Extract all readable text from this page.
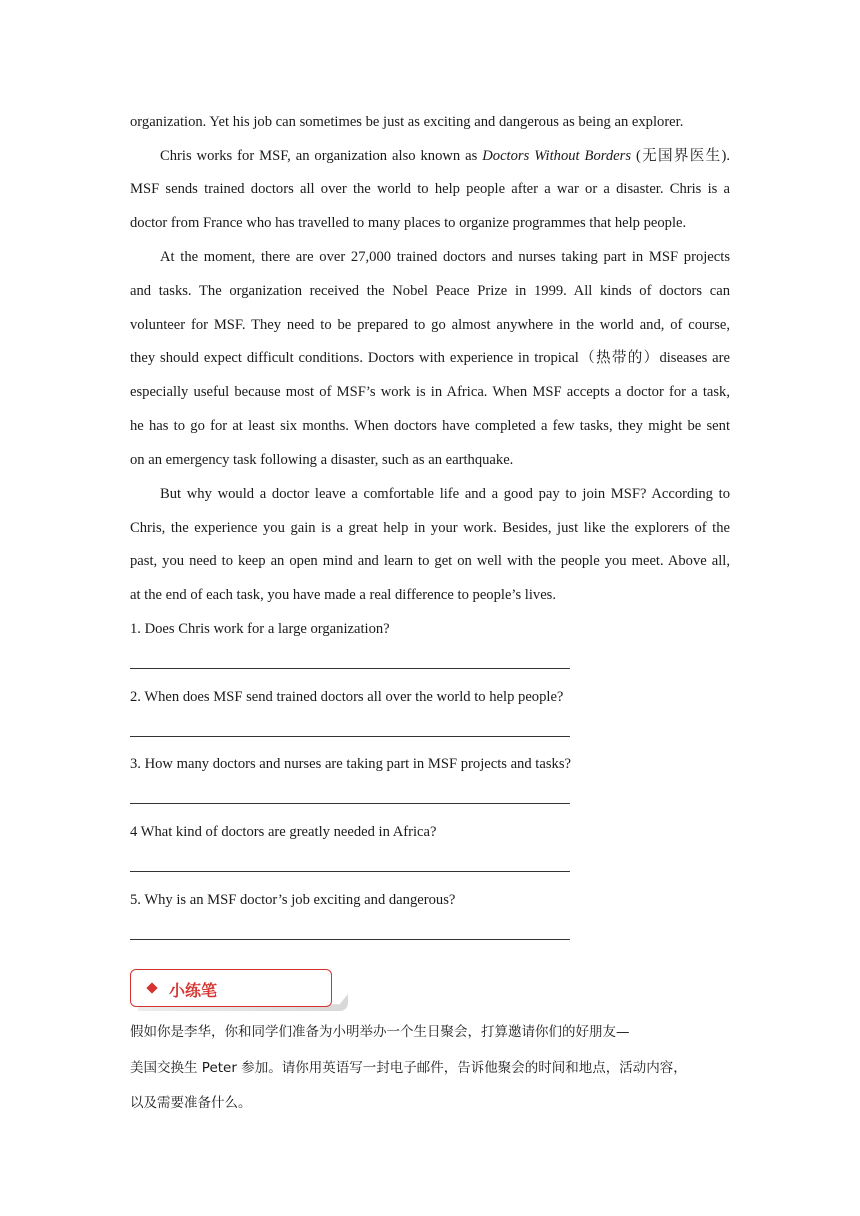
organization. Yet his job can sometimes be just as exciting and dangerous as being an explorer.
Chris works for MSF, an organization also known as Doctors Without Borders (无国界医生).
MSF sends trained doctors all over the world to help people after a war or a disaster. Chris is a
doctor from France who has travelled to many places to organize programmes that help people.
At the moment, there are over 27,000 trained doctors and nurses taking part in MSF projects
and tasks. The organization received the Nobel Peace Prize in 1999. All kinds of doctors can
volunteer for MSF. They need to be prepared to go almost anywhere in the world and, of course,
they should expect difficult conditions. Doctors with experience in tropical（热带的）diseases are
especially useful because most of MSF’s work is in Africa. When MSF accepts a doctor for a task,
he has to go for at least six months. When doctors have completed a few tasks, they might be sent
on an emergency task following a disaster, such as an earthquake.
But why would a doctor leave a comfortable life and a good pay to join MSF? According to
Chris, the experience you gain is a great help in your work. Besides, just like the explorers of the
past, you need to keep an open mind and learn to get on well with the people you meet. Above all,
at the end of each task, you have made a real difference to people’s lives.
1. Does Chris work for a large organization?
2. When does MSF send trained doctors all over the world to help people?
3. How many doctors and nurses are taking part in MSF projects and tasks?
4 What kind of doctors are greatly needed in Africa?
5. Why is an MSF doctor’s job exciting and dangerous?
小练笔
假如你是李华，你和同学们准备为小明举办一个生日聚会，打算邀请你们的好朋友—
美国交换生 Peter 参加。请你用英语写一封电子邮件，告诉他聚会的时间和地点，活动内容，
以及需要准备什么。
